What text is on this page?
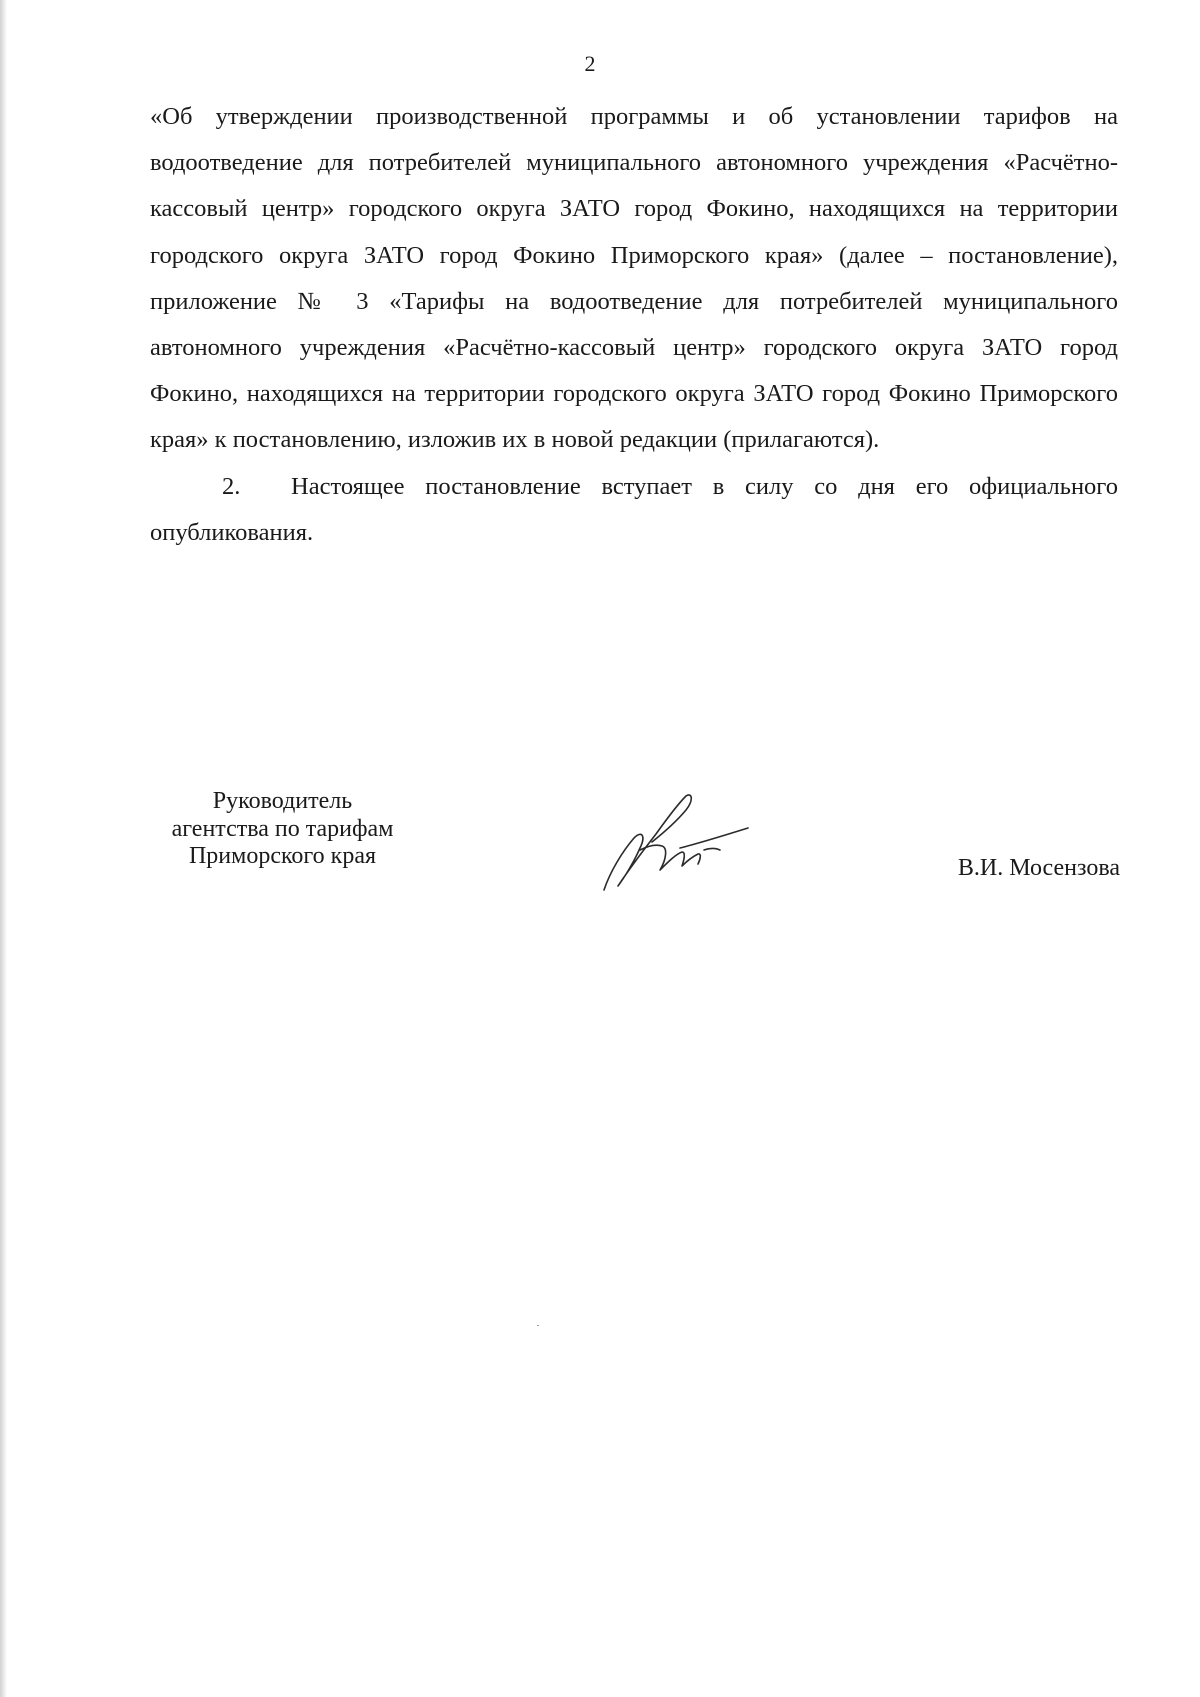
2

«Об утверждении производственной программы и об установлении тарифов на водоотведение для потребителей муниципального автономного учреждения «Расчётно-кассовый центр» городского округа ЗАТО город Фокино, находящихся на территории городского округа ЗАТО город Фокино Приморского края» (далее – постановление), приложение № 3 «Тарифы на водоотведение для потребителей муниципального автономного учреждения «Расчётно-кассовый центр» городского округа ЗАТО город Фокино, находящихся на территории городского округа ЗАТО город Фокино Приморского края» к постановлению, изложив их в новой редакции (прилагаются).

2. Настоящее постановление вступает в силу со дня его официального опубликования.

Руководитель
агентства по тарифам
Приморского края	В.И. Мосензова
